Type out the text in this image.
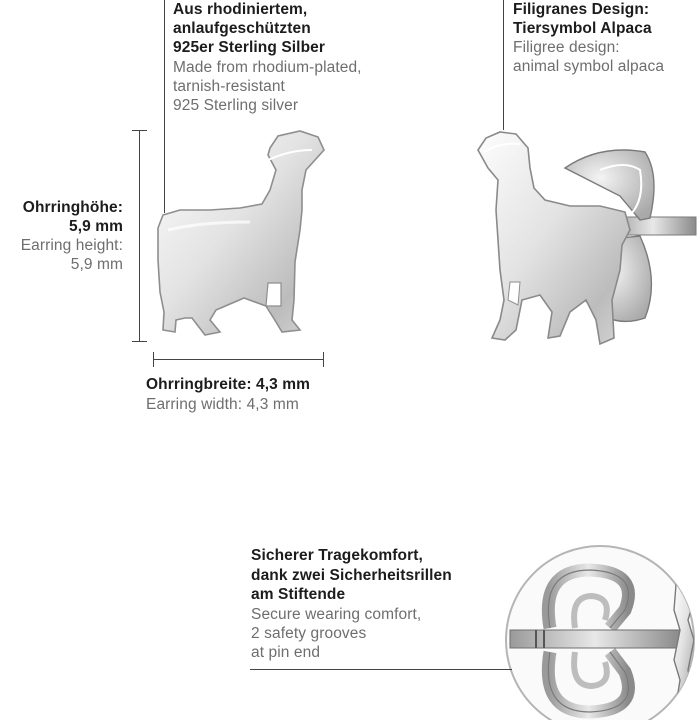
Aus rhodiniertem,
anlaufgeschützten
925er Sterling Silber
Made from rhodium-plated,
tarnish-resistant
925 Sterling silver
Filigranes Design:
Tiersymbol Alpaca
Filigree design:
animal symbol alpaca
Ohrringhöhe:
5,9 mm
Earring height:
5,9 mm
Ohrringbreite: 4,3 mm
Earring width: 4,3 mm
Sicherer Tragekomfort,
dank zwei Sicherheitsrillen
am Stiftende
Secure wearing comfort,
2 safety grooves
at pin end
